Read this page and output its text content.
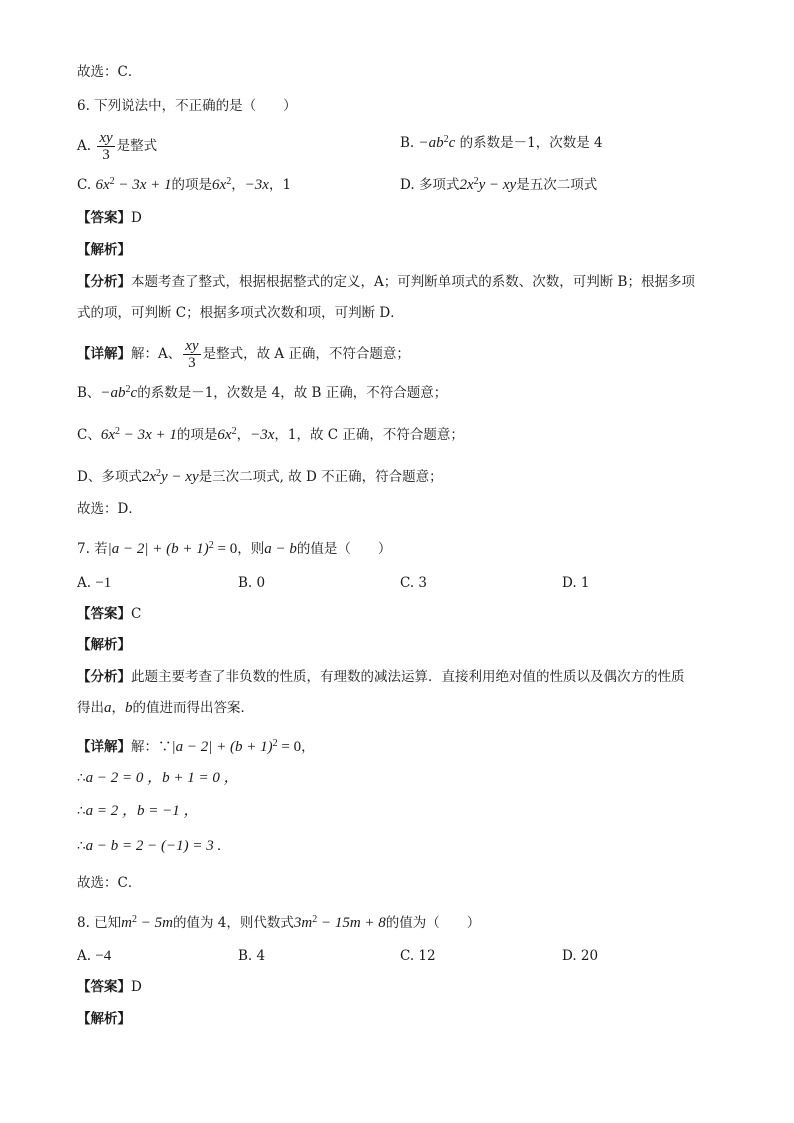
故选：C．
6. 下列说法中，不正确的是（　　）
A. $\frac{xy}{3}$ 是整式	B. $-ab^2c$ 的系数是－1，次数是 4
C. $6x^2 - 3x + 1$的项是$6x^2$，−3x，1	D. 多项式$2x^2y$ − xy是五次二项式
【答案】D
【解析】
【分析】本题考查了整式，根据根据整式的定义，A；可判断单项式的系数、次数，可判断 B；根据多项
式的项，可判断 C；根据多项式次数和项，可判断 D．
【详解】解：A、 $\frac{xy}{3}$ 是整式，故 A 正确，不符合题意；
B、$-ab^2c$的系数是－1，次数是 4，故 B 正确，不符合题意；
C、$6x^2 - 3x + 1$的项是$6x^2$，−3x，1，故 C 正确，不符合题意；
D、多项式$2x^2y$ − xy是三次二项式, 故 D 不正确，符合题意；
故选：D．
7. 若$|a - 2| + (b + 1)^2 = 0$，则a − b的值是（　　）
A. −1	B. 0	C. 3	D. 1
【答案】C
【解析】
【分析】此题主要考查了非负数的性质，有理数的减法运算．直接利用绝对值的性质以及偶次方的性质
得出a，b的值进而得出答案．
【详解】解：∵|a − $2| + (b + 1)^2 = 0$，
∴a − 2 = 0 ，b + 1 = 0 ，
∴a = 2 ，b = −1 ，
∴a − b = 2 − (−1) = 3 .
故选：C．
8. 已知$m^2 - 5m$的值为 4，则代数式$3m^2 - 15m + 8$的值为（　　）
A. −4	B. 4	C. 12	D. 20
【答案】D
【解析】
